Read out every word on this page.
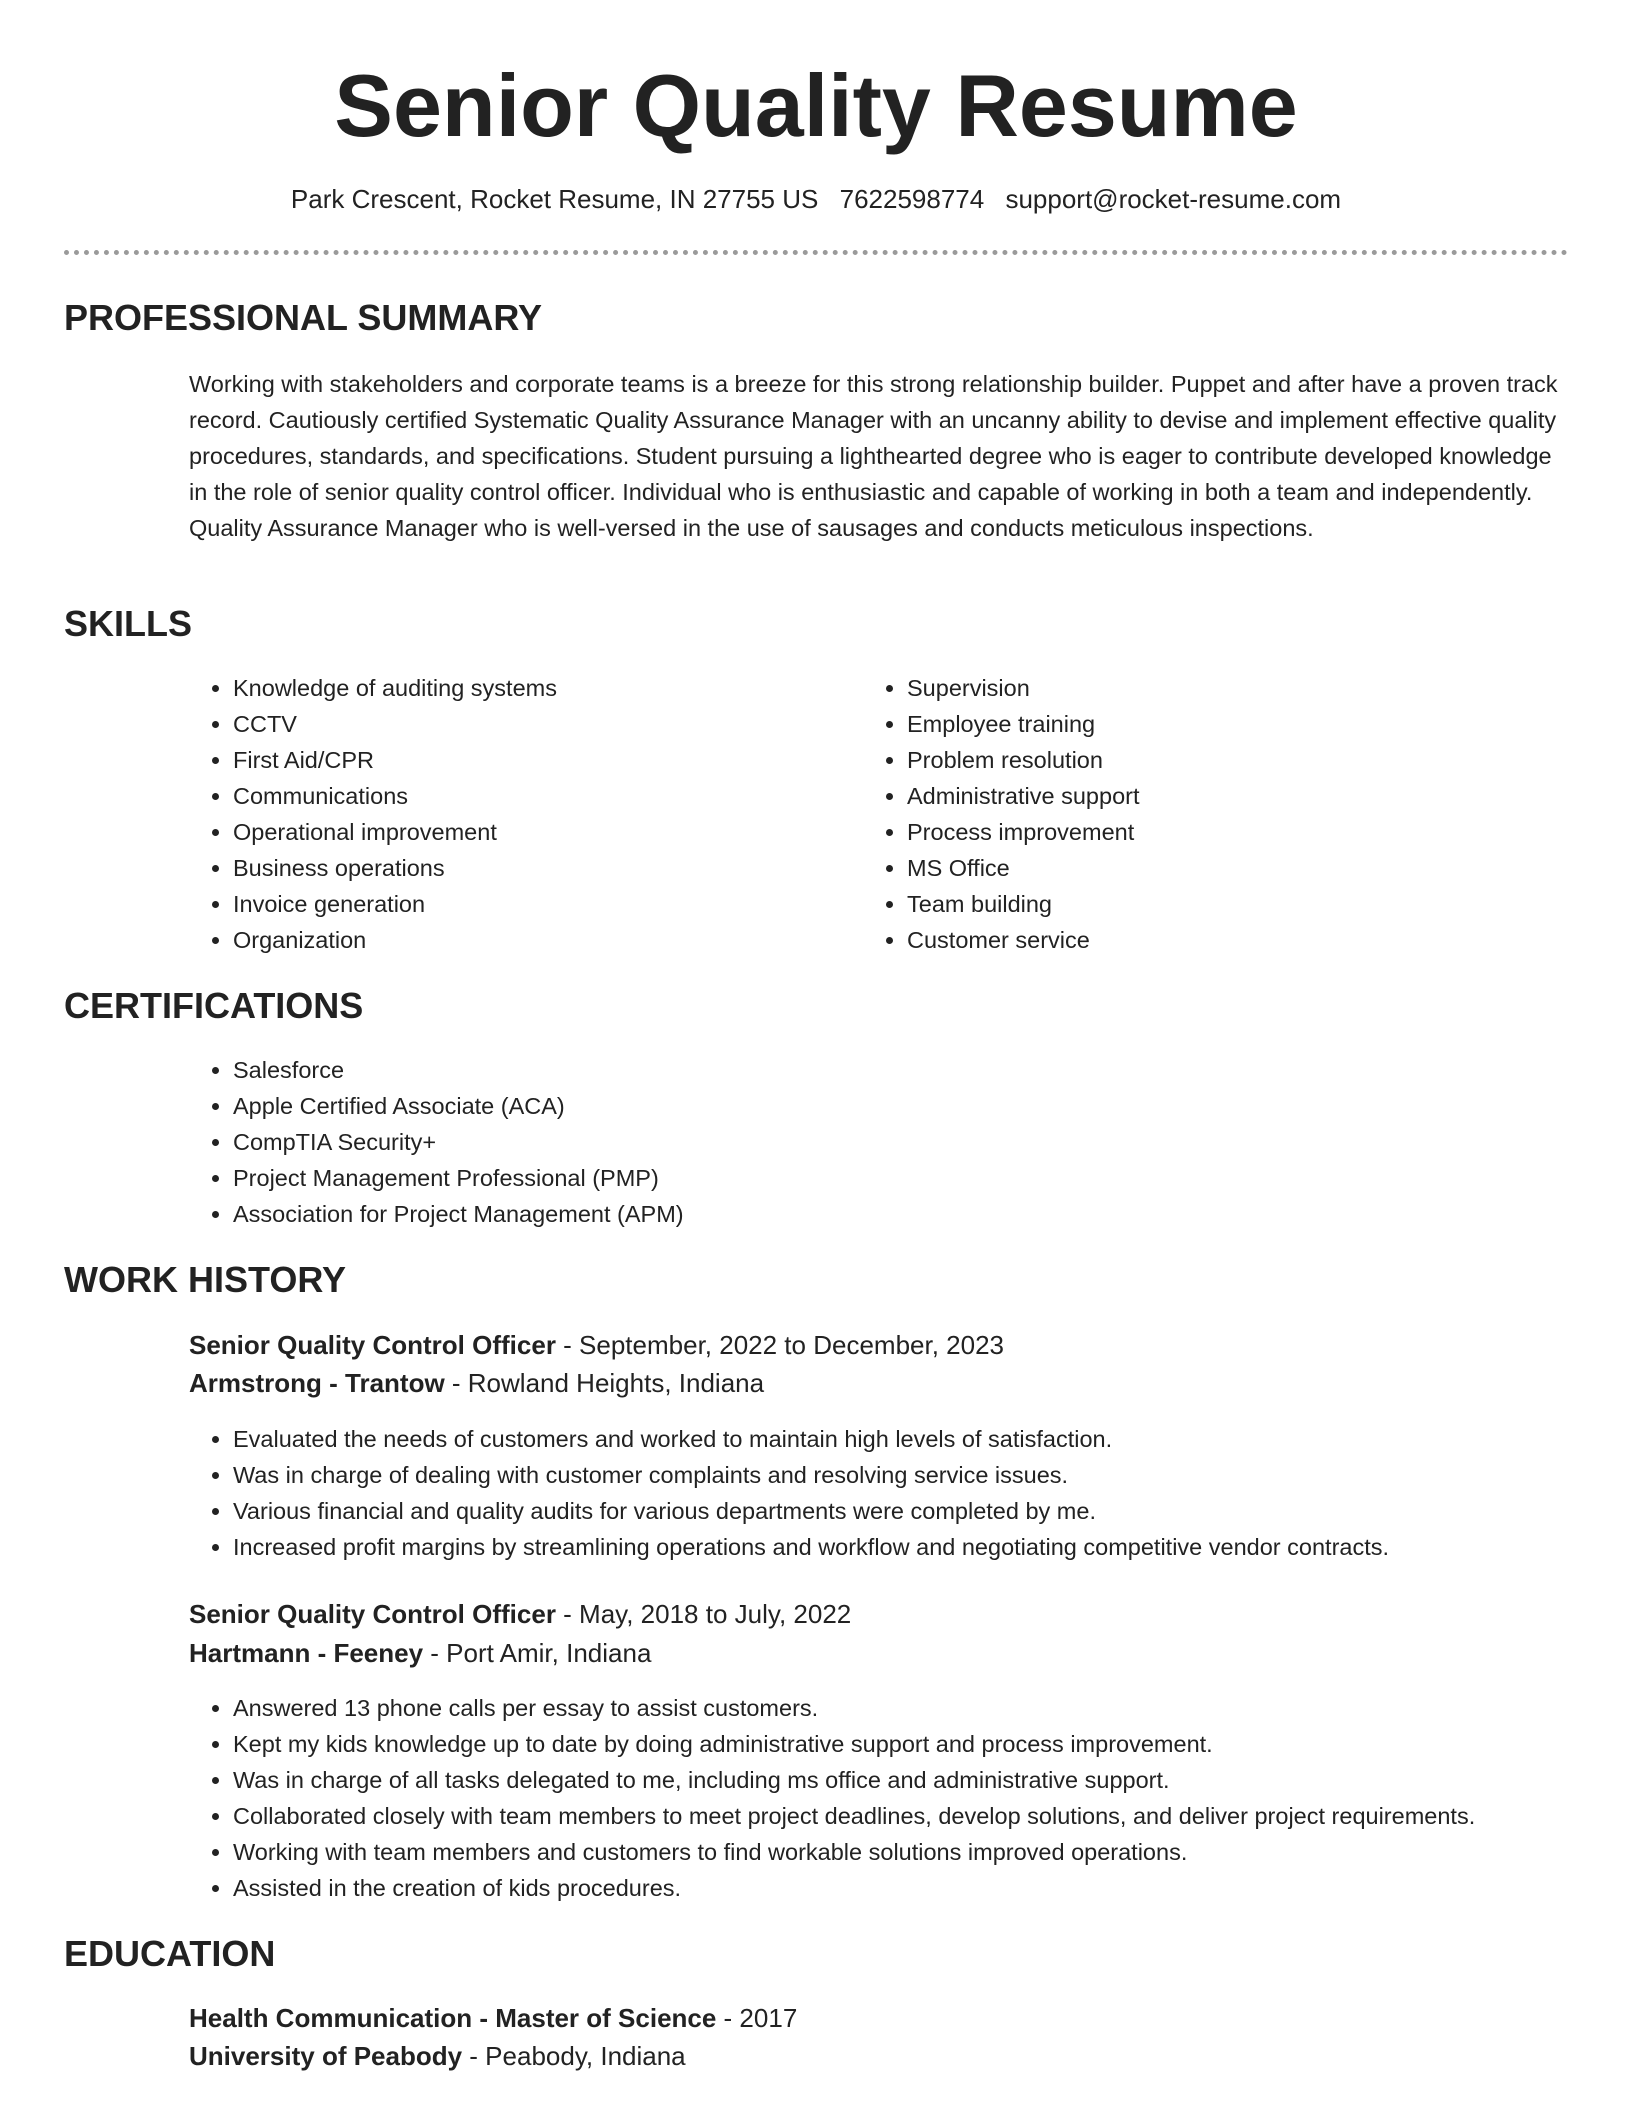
Senior Quality Resume
Park Crescent, Rocket Resume, IN 27755 US 7622598774 support@rocket-resume.com
PROFESSIONAL SUMMARY

Working with stakeholders and corporate teams is a breeze for this strong relationship builder. Puppet and after have a proven track record. Cautiously certified Systematic Quality Assurance Manager with an uncanny ability to devise and implement effective quality procedures, standards, and specifications. Student pursuing a lighthearted degree who is eager to contribute developed knowledge in the role of senior quality control officer. Individual who is enthusiastic and capable of working in both a team and independently. Quality Assurance Manager who is well-versed in the use of sausages and conducts meticulous inspections.

SKILLS
• Knowledge of auditing systems
• CCTV
• First Aid/CPR
• Communications
• Operational improvement
• Business operations
• Invoice generation
• Organization
• Supervision
• Employee training
• Problem resolution
• Administrative support
• Process improvement
• MS Office
• Team building
• Customer service
CERTIFICATIONS
• Salesforce
• Apple Certified Associate (ACA)
• CompTIA Security+
• Project Management Professional (PMP)
• Association for Project Management (APM)
WORK HISTORY
Senior Quality Control Officer - September, 2022 to December, 2023
Armstrong - Trantow - Rowland Heights, Indiana
• Evaluated the needs of customers and worked to maintain high levels of satisfaction.
• Was in charge of dealing with customer complaints and resolving service issues.
• Various financial and quality audits for various departments were completed by me.
• Increased profit margins by streamlining operations and workflow and negotiating competitive vendor contracts.
Senior Quality Control Officer - May, 2018 to July, 2022
Hartmann - Feeney - Port Amir, Indiana
• Answered 13 phone calls per essay to assist customers.
• Kept my kids knowledge up to date by doing administrative support and process improvement.
• Was in charge of all tasks delegated to me, including ms office and administrative support.
• Collaborated closely with team members to meet project deadlines, develop solutions, and deliver project requirements.
• Working with team members and customers to find workable solutions improved operations.
• Assisted in the creation of kids procedures.
EDUCATION
Health Communication - Master of Science - 2017
University of Peabody - Peabody, Indiana
